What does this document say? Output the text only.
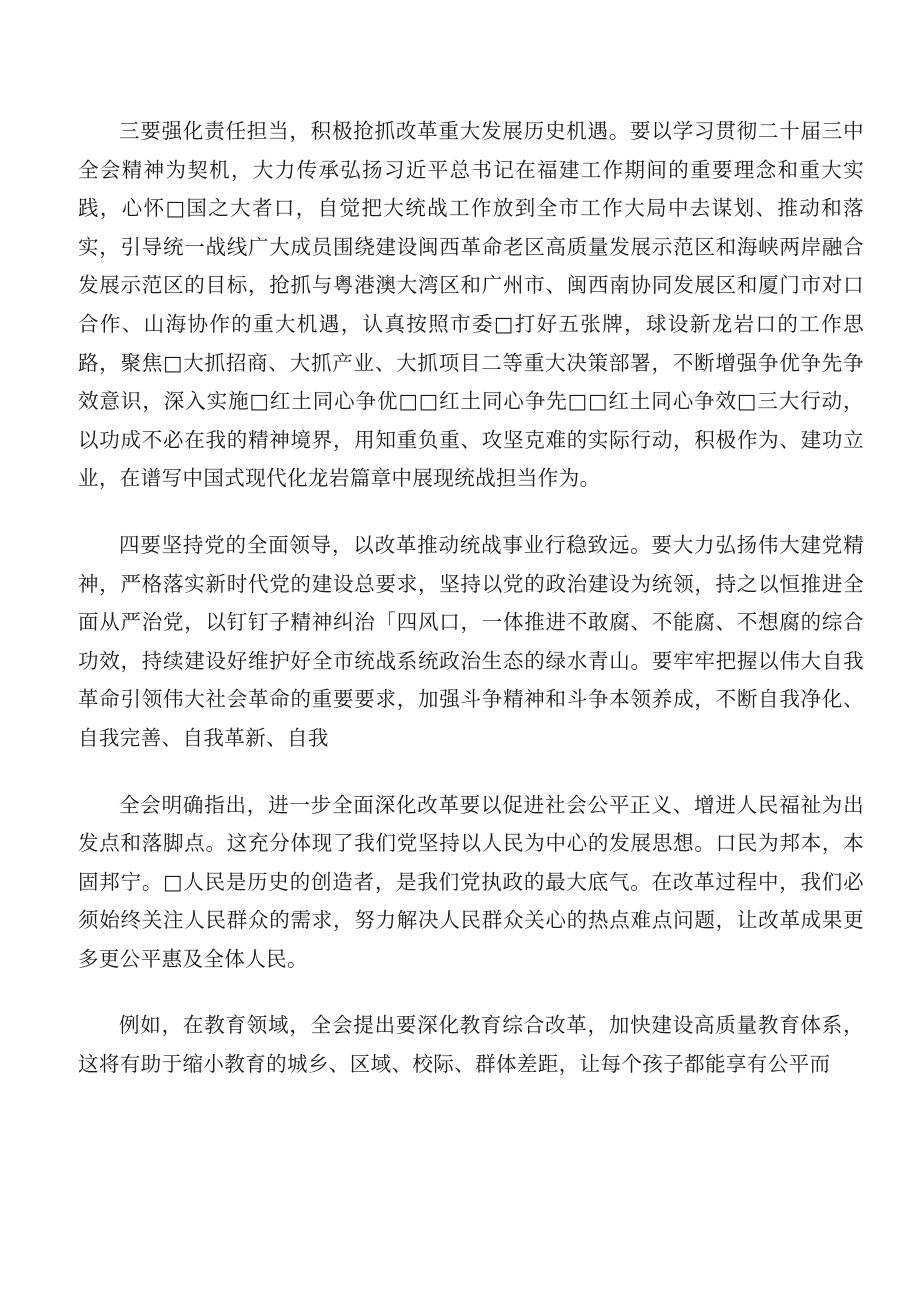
三要强化责任担当，积极抢抓改革重大发展历史机遇。要以学习贯彻二十届三中全会精神为契机，大力传承弘扬习近平总书记在福建工作期间的重要理念和重大实践，心怀□国之大者口，自觉把大统战工作放到全市工作大局中去谋划、推动和落实，引导统一战线广大成员围绕建设闽西革命老区高质量发展示范区和海峡两岸融合发展示范区的目标，抢抓与粤港澳大湾区和广州市、闽西南协同发展区和厦门市对口合作、山海协作的重大机遇，认真按照市委□打好五张牌，球设新龙岩口的工作思路，聚焦□大抓招商、大抓产业、大抓项目二等重大决策部署，不断增强争优争先争效意识，深入实施□红土同心争优□□红土同心争先□□红土同心争效□三大行动，以功成不必在我的精神境界，用知重负重、攻坚克难的实际行动，积极作为、建功立业，在谱写中国式现代化龙岩篇章中展现统战担当作为。

四要坚持党的全面领导，以改革推动统战事业行稳致远。要大力弘扬伟大建党精神，严格落实新时代党的建设总要求，坚持以党的政治建设为统领，持之以恒推进全面从严治党，以钉钉子精神纠治「四风口，一体推进不敢腐、不能腐、不想腐的综合功效，持续建设好维护好全市统战系统政治生态的绿水青山。要牢牢把握以伟大自我革命引领伟大社会革命的重要要求，加强斗争精神和斗争本领养成，不断自我净化、自我完善、自我革新、自我

全会明确指出，进一步全面深化改革要以促进社会公平正义、增进人民福祉为出发点和落脚点。这充分体现了我们党坚持以人民为中心的发展思想。口民为邦本，本固邦宁。□人民是历史的创造者，是我们党执政的最大底气。在改革过程中，我们必须始终关注人民群众的需求，努力解决人民群众关心的热点难点问题，让改革成果更多更公平惠及全体人民。

例如，在教育领域，全会提出要深化教育综合改革，加快建设高质量教育体系，这将有助于缩小教育的城乡、区域、校际、群体差距，让每个孩子都能享有公平而
